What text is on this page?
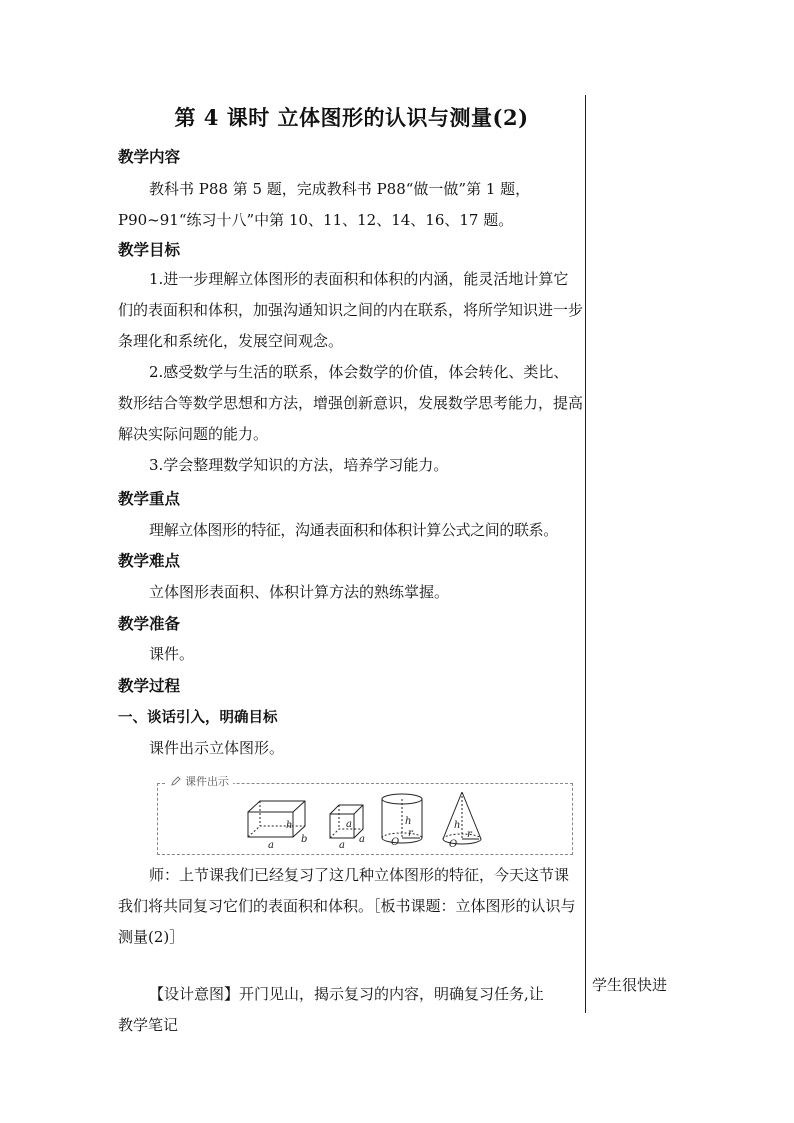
第 4 课时 立体图形的认识与测量(2)
教学内容
教科书 P88 第 5 题，完成教科书 P88“做一做”第 1 题，
P90~91“练习十八”中第 10、11、12、14、16、17 题。
教学目标

1.进一步理解立体图形的表面积和体积的内涵，能灵活地计算它们的表面积和体积，加强沟通知识之间的内在联系，将所学知识进一步条理化和系统化，发展空间观念。

2.感受数学与生活的联系，体会数学的价值，体会转化、类比、数形结合等数学思想和方法，增强创新意识，发展数学思考能力，提高解决实际问题的能力。

3.学会整理数学知识的方法，培养学习能力。

教学重点
理解立体图形的特征，沟通表面积和体积计算公式之间的联系。
教学难点
立体图形表面积、体积计算方法的熟练掌握。
教学准备
课件。
教学过程
一、谈话引入，明确目标
课件出示立体图形。
h
a
b
a
a
a
h
r
O
h
r
O
课件出示

师：上节课我们已经复习了这几种立体图形的特征，今天这节课我们将共同复习它们的表面积和体积。［板书课题：立体图形的认识与测量(2)］

【设计意图】开门见山，揭示复习的内容，明确复习任务,让
教学笔记
学生很快进
